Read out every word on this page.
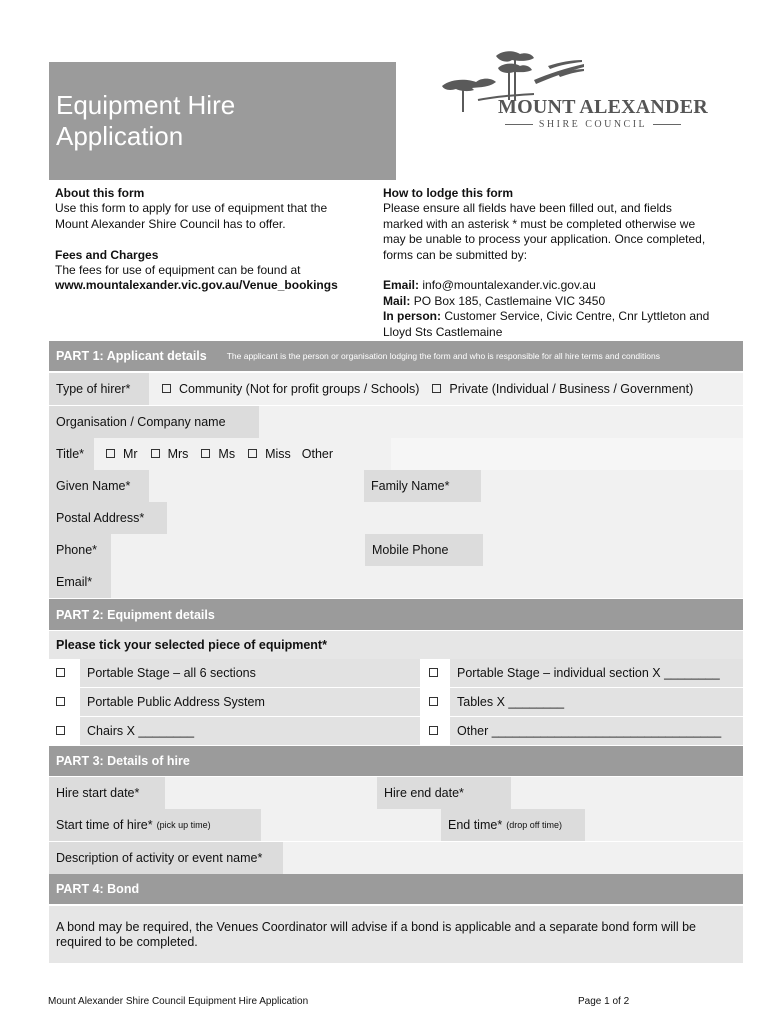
Equipment Hire
Application
MOUNT ALEXANDER
SHIRE COUNCIL
About this form
Use this form to apply for use of equipment that the
Mount Alexander Shire Council has to offer.
Fees and Charges
The fees for use of equipment can be found at
www.mountalexander.vic.gov.au/Venue_bookings
How to lodge this form
Please ensure all fields have been filled out, and fields
marked with an asterisk * must be completed otherwise we
may be unable to process your application. Once completed,
forms can be submitted by:
Email: info@mountalexander.vic.gov.au
Mail: PO Box 185, Castlemaine VIC 3450
In person: Customer Service, Civic Centre, Cnr Lyttleton and
Lloyd Sts Castlemaine
PART 1: Applicant details The applicant is the person or organisation lodging the form and who is responsible for all hire terms and conditions
Type of hirer*	Community (Not for profit groups / Schools) Private (Individual / Business / Government)
Organisation / Company name
Title*	Mr Mrs Ms Miss Other
Given Name*	Family Name*
Postal Address*
Phone*	Mobile Phone
Email*
PART 2: Equipment details
Please tick your selected piece of equipment*
Portable Stage – all 6 sections	Portable Stage – individual section X ________
Portable Public Address System	Tables X ________
Chairs X ________	Other _________________________________
PART 3: Details of hire
Hire start date*	Hire end date*
Start time of hire* (pick up time)	End time* (drop off time)
Description of activity or event name*
PART 4: Bond
A bond may be required, the Venues Coordinator will advise if a bond is applicable and a separate bond form will be
required to be completed.
Mount Alexander Shire Council Equipment Hire Application	Page 1 of 2
